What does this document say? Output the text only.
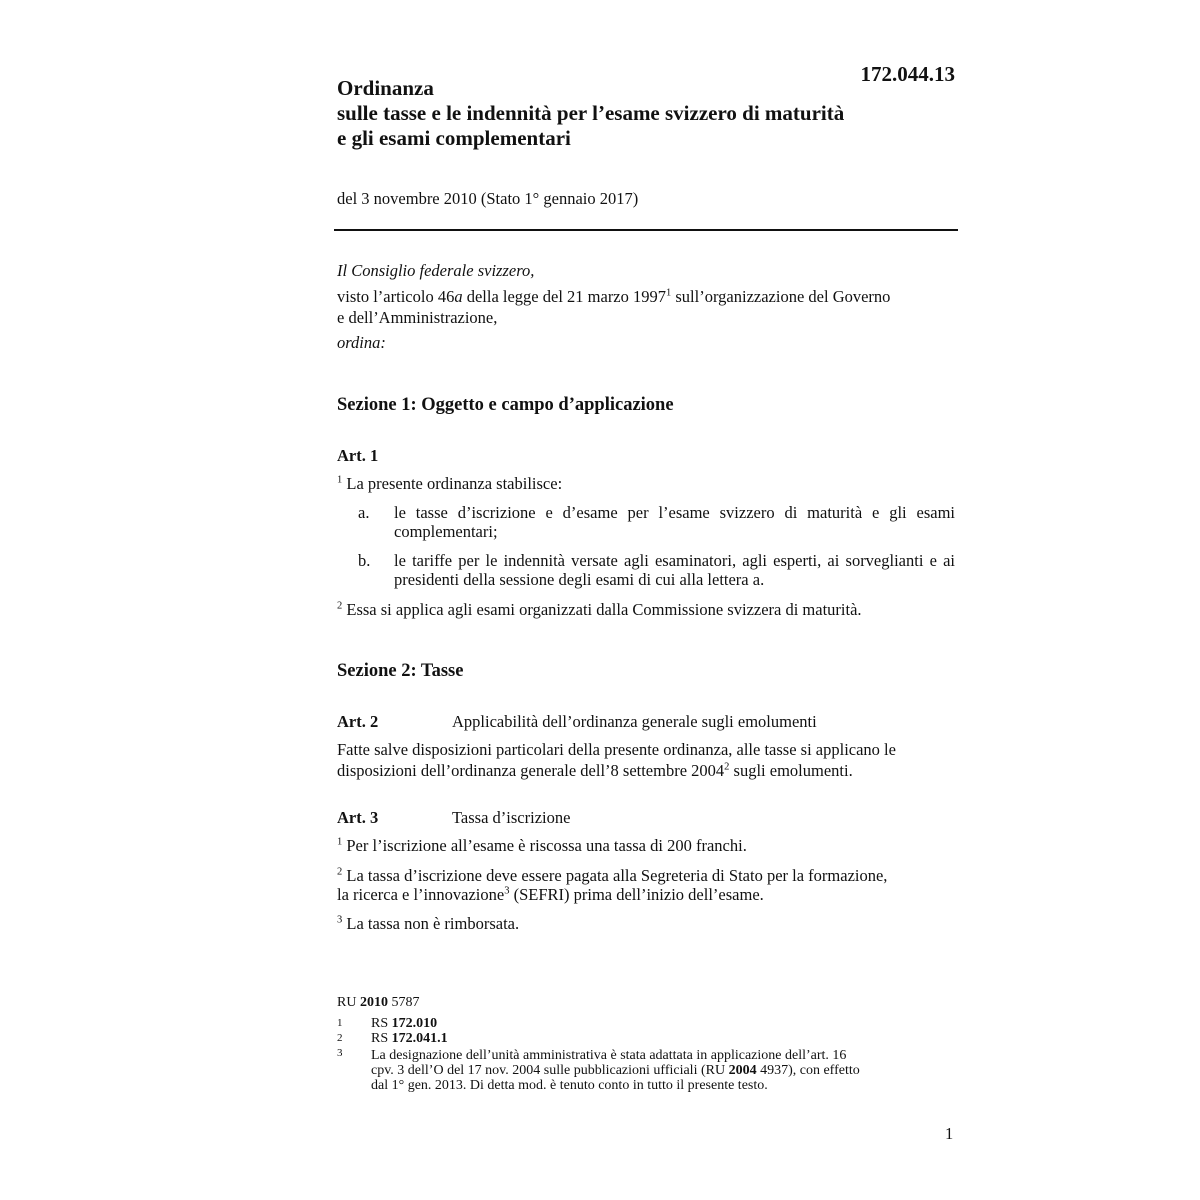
172.044.13
Ordinanza
sulle tasse e le indennità per l’esame svizzero di maturità
e gli esami complementari
del 3 novembre 2010 (Stato 1° gennaio 2017)
Il Consiglio federale svizzero,
visto l’articolo 46a della legge del 21 marzo 1997$^1$ sull’organizzazione del Governo
e dell’Amministrazione,
ordina:
Sezione 1: Oggetto e campo d’applicazione
Art. 1
$^1$ La presente ordinanza stabilisce:
a. le tasse d’iscrizione e d’esame per l’esame svizzero di maturità e gli esami complementari;
b. le tariffe per le indennità versate agli esaminatori, agli esperti, ai sorveglianti e ai presidenti della sessione degli esami di cui alla lettera a.
$^2$ Essa si applica agli esami organizzati dalla Commissione svizzera di maturità.
Sezione 2: Tasse
Art. 2	Applicabilità dell’ordinanza generale sugli emolumenti
Fatte salve disposizioni particolari della presente ordinanza, alle tasse si applicano le
disposizioni dell’ordinanza generale dell’8 settembre 2004$^2$ sugli emolumenti.
Art. 3	Tassa d’iscrizione
$^1$ Per l’iscrizione all’esame è riscossa una tassa di 200 franchi.
$^2$ La tassa d’iscrizione deve essere pagata alla Segreteria di Stato per la formazione,
la ricerca e l’innovazione$^3$ (SEFRI) prima dell’inizio dell’esame.
$^3$ La tassa non è rimborsata.
RU 2010 5787
1 RS 172.010
2 RS 172.041.1
3 La designazione dell’unità amministrativa è stata adattata in applicazione dell’art. 16
cpv. 3 dell’O del 17 nov. 2004 sulle pubblicazioni ufficiali (RU 2004 4937), con effetto
dal 1° gen. 2013. Di detta mod. è tenuto conto in tutto il presente testo.
1
